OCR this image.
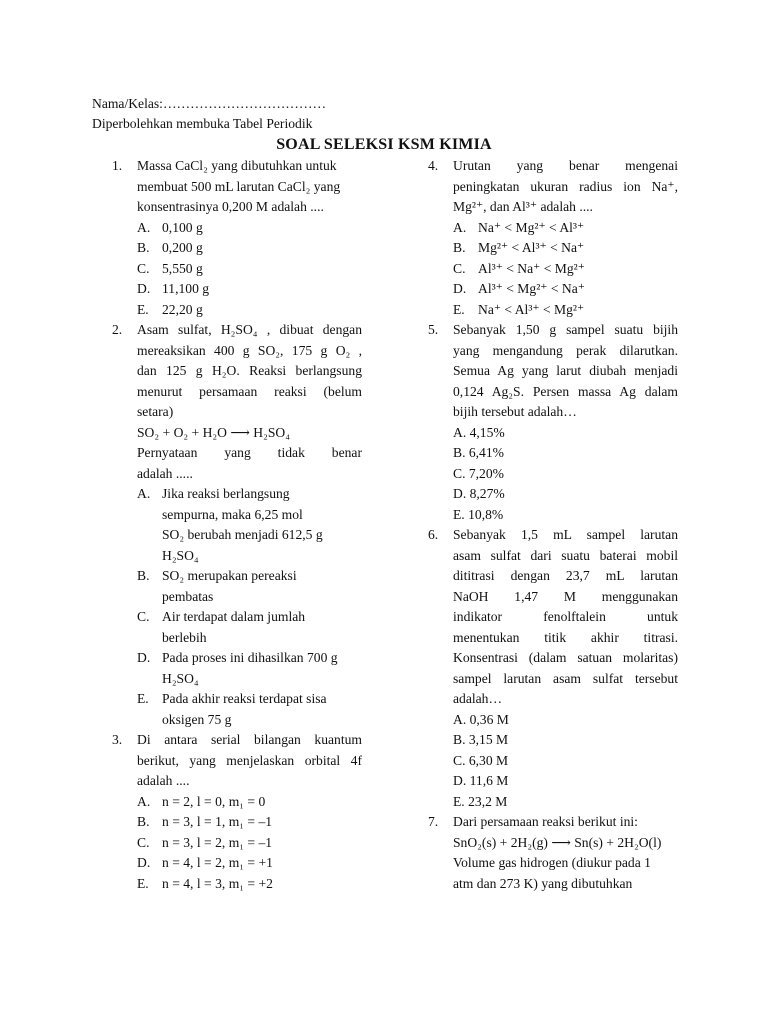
Nama/Kelas:………………………………
Diperbolehkan membuka Tabel Periodik
SOAL SELEKSI KSM KIMIA
1. Massa CaCl₂ yang dibutuhkan untuk
membuat 500 mL larutan CaCl₂ yang
konsentrasinya 0,200 M adalah ....
A. 0,100 g
B. 0,200 g
C. 5,550 g
D. 11,100 g
E. 22,20 g
2. Asam sulfat, H₂SO₄ , dibuat dengan
mereaksikan 400 g SO₂, 175 g O₂ ,
dan 125 g H₂O. Reaksi berlangsung
menurut persamaan reaksi (belum
setara)
SO₂ + O₂ + H₂O ⟶ H₂SO₄
Pernyataan yang tidak benar
adalah .....
A. Jika reaksi berlangsung
sempurna, maka 6,25 mol
SO₂ berubah menjadi 612,5 g
H₂SO₄
B. SO₂ merupakan pereaksi
pembatas
C. Air terdapat dalam jumlah
berlebih
D. Pada proses ini dihasilkan 700 g
H₂SO₄
E. Pada akhir reaksi terdapat sisa
oksigen 75 g
3. Di antara serial bilangan kuantum
berikut, yang menjelaskan orbital 4f
adalah ....
A. n = 2, l = 0, m₁ = 0
B. n = 3, l = 1, m₁ = –1
C. n = 3, l = 2, m₁ = –1
D. n = 4, l = 2, m₁ = +1
E. n = 4, l = 3, m₁ = +2
4. Urutan yang benar mengenai
peningkatan ukuran radius ion Na⁺,
Mg²⁺, dan Al³⁺ adalah ....
A. Na⁺ < Mg²⁺ < Al³⁺
B. Mg²⁺ < Al³⁺ < Na⁺
C. Al³⁺ < Na⁺ < Mg²⁺
D. Al³⁺ < Mg²⁺ < Na⁺
E. Na⁺ < Al³⁺ < Mg²⁺
5. Sebanyak 1,50 g sampel suatu bijih
yang mengandung perak dilarutkan.
Semua Ag yang larut diubah menjadi
0,124 Ag₂S. Persen massa Ag dalam
bijih tersebut adalah…
A. 4,15%
B. 6,41%
C. 7,20%
D. 8,27%
E. 10,8%
6. Sebanyak 1,5 mL sampel larutan
asam sulfat dari suatu baterai mobil
dititrasi dengan 23,7 mL larutan
NaOH 1,47 M menggunakan
indikator fenolftalein untuk
menentukan titik akhir titrasi.
Konsentrasi (dalam satuan molaritas)
sampel larutan asam sulfat tersebut
adalah…
A. 0,36 M
B. 3,15 M
C. 6,30 M
D. 11,6 M
E. 23,2 M
7. Dari persamaan reaksi berikut ini:
SnO₂(s) + 2H₂(g) ⟶ Sn(s) + 2H₂O(l)
Volume gas hidrogen (diukur pada 1
atm dan 273 K) yang dibutuhkan
